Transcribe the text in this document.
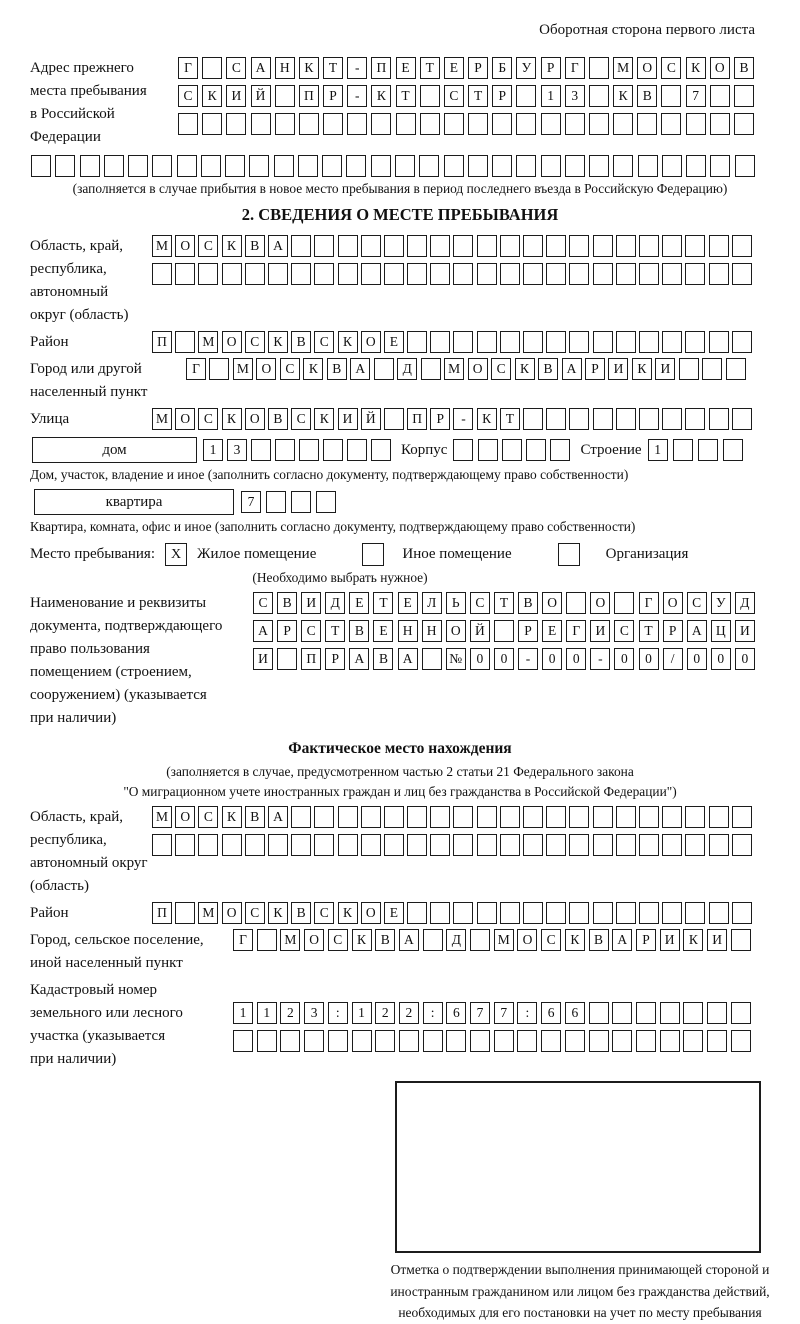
Оборотная сторона первого листа
Адрес прежнего
места пребывания
в Российской
Федерации
Г	С	А	Н	К	Т	-	П	Е	Т	Е	Р	Б	У	Р	Г	М О	С	К	О	В
С	К	И	Й	П	Р	-	К	Т	С	Т	Р	1	3	К	В	7
(заполняется в случае прибытия в новое место пребывания в период последнего въезда в Российскую Федерацию)
2. СВЕДЕНИЯ О МЕСТЕ ПРЕБЫВАНИЯ
Область, край,
республика,
автономный
округ (область)
М О	С	К	В	А
Район	П	М О	С	К	В	С	К	О	Е
Город или другой
населенный пункт
Г	М О	С	К	В	А	Д	М О	С	К	В	А	Р	И	К	И
Улица	М О	С	К	О	В	С	К	И Й	П	Р	-	К	Т
дом	1	3	Корпус	Строение 1
Дом, участок, владение и иное (заполнить согласно документу, подтверждающему право собственности)
квартира	7
Квартира, комната, офис и иное (заполнить согласно документу, подтверждающему право собственности)
Место пребывания:	X	Жилое помещение	Иное помещение	Организация
(Необходимо выбрать нужное)
Наименование и реквизиты
документа, подтверждающего
право пользования
помещением (строением,
сооружением) (указывается
при наличии)
С	В	И	Д	Е	Т	Е	Л	Ь	С	Т	В	О	О	Г	О	С	У	Д
А	Р	С	Т	В	Е	Н	Н	О	Й	Р	Е	Г	И	С	Т	Р	А	Ц	И
И	П	Р	А	В	А	№	0	0	-	0	0	-	0	0	/	0	0	0
Фактическое место нахождения
(заполняется в случае, предусмотренном частью 2 статьи 21 Федерального закона
"О миграционном учете иностранных граждан и лиц без гражданства в Российской Федерации")
Область, край,
республика,
автономный округ
(область)
М О	С	К	В	А
Район	П	М О	С	К	В	С	К	О	Е
Город, сельское поселение,
иной населенный пункт
Г	М О	С	К	В	А	Д	М О	С	К	В	А	Р	И	К	И
Кадастровый номер
земельного или лесного
участка (указывается
при наличии)
1	1	2	3	:	1	2	2	:	6	7	7	:	6	6
Отметка о подтверждении выполнения принимающей стороной и иностранным гражданином или лицом без гражданства действий, необходимых для его постановки на учет по месту пребывания
